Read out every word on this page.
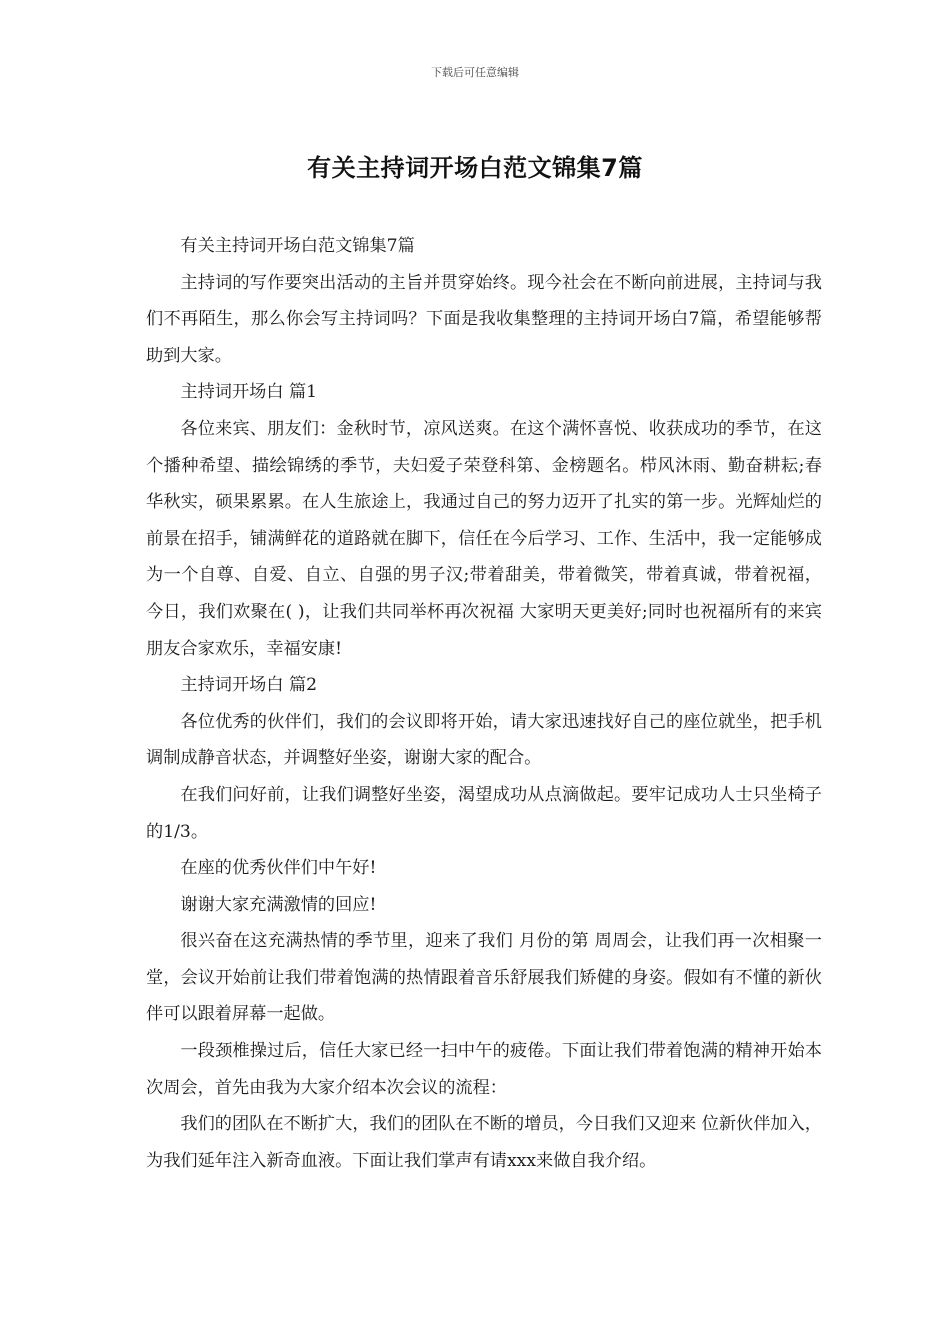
下载后可任意编辑
有关主持词开场白范文锦集7篇

有关主持词开场白范文锦集7篇

主持词的写作要突出活动的主旨并贯穿始终。现今社会在不断向前进展，主持词与我们不再陌生，那么你会写主持词吗？下面是我收集整理的主持词开场白7篇，希望能够帮助到大家。

主持词开场白 篇1

各位来宾、朋友们：金秋时节，凉风送爽。在这个满怀喜悦、收获成功的季节，在这个播种希望、描绘锦绣的季节，夫妇爱子荣登科第、金榜题名。栉风沐雨、勤奋耕耘;春华秋实，硕果累累。在人生旅途上，我通过自己的努力迈开了扎实的第一步。光辉灿烂的前景在招手，铺满鲜花的道路就在脚下，信任在今后学习、工作、生活中，我一定能够成为一个自尊、自爱、自立、自强的男子汉;带着甜美，带着微笑，带着真诚，带着祝福，今日，我们欢聚在( )，让我们共同举杯再次祝福 大家明天更美好;同时也祝福所有的来宾朋友合家欢乐，幸福安康!

主持词开场白 篇2

各位优秀的伙伴们，我们的会议即将开始，请大家迅速找好自己的座位就坐，把手机调制成静音状态，并调整好坐姿，谢谢大家的配合。

在我们问好前，让我们调整好坐姿，渴望成功从点滴做起。要牢记成功人士只坐椅子的1/3。

在座的优秀伙伴们中午好!

谢谢大家充满激情的回应!

很兴奋在这充满热情的季节里，迎来了我们 月份的第 周周会，让我们再一次相聚一堂，会议开始前让我们带着饱满的热情跟着音乐舒展我们矫健的身姿。假如有不懂的新伙伴可以跟着屏幕一起做。

一段颈椎操过后，信任大家已经一扫中午的疲倦。下面让我们带着饱满的精神开始本次周会，首先由我为大家介绍本次会议的流程：

我们的团队在不断扩大，我们的团队在不断的增员，今日我们又迎来 位新伙伴加入，为我们延年注入新奇血液。下面让我们掌声有请xxx来做自我介绍。
